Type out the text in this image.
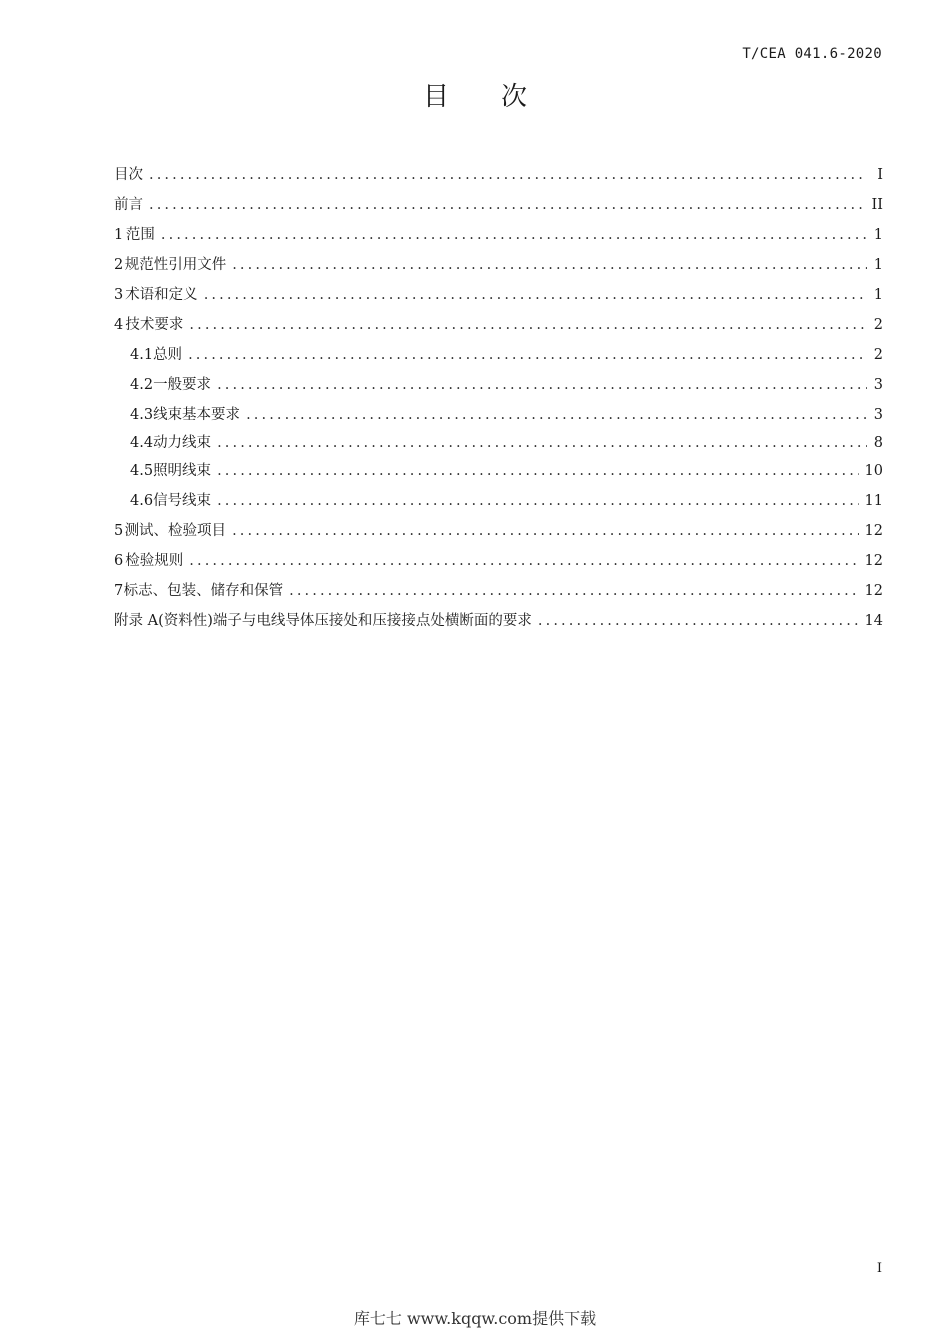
T/CEA 041.6-2020
目 次
目次 .....	I
前言 .....	II
1 范围 .....	1
2 规范性引用文件 .....	1
3 术语和定义 .....	1
4 技术要求 .....	2
4.1 总则 .....	2
4.2 一般要求 .....	3
4.3 线束基本要求 .....	3
4.4 动力线束 .....	8
4.5 照明线束 .....	10
4.6 信号线束 .....	11
5 测试、检验项目 .....	12
6 检验规则 .....	12
7 标志、包装、储存和保管 .....	12
附录 A(资料性)端子与电线导体压接处和压接接点处横断面的要求 .....	14
I
库七七 www.kqqw.com提供下载
